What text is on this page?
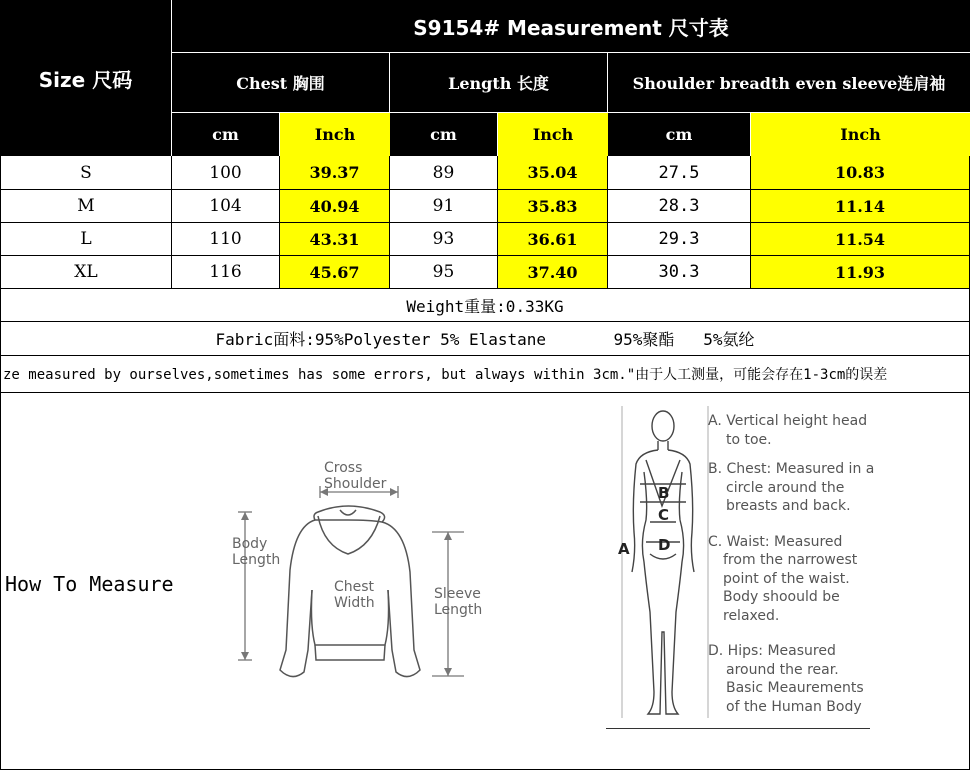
Size 尺码
S9154# Measurement 尺寸表
Chest 胸围	Length 长度	Shoulder breadth even sleeve连肩袖
cm	Inch	cm	Inch	cm	Inch
S	100	39.37	89	35.04	27.5	10.83
M	104	40.94	91	35.83	28.3	11.14
L	110	43.31	93	36.61	29.3	11.54
XL	116	45.67	95	37.40	30.3	11.93
Weight重量:0.33KG
Fabric面料:95%Polyester 5% Elastane       95%聚酯   5%氨纶
ze measured by ourselves,sometimes has some errors, but always within 3cm."由于人工测量，可能会存在1-3cm的误差
How To Measure
Cross
Shoulder
Body
Length
Chest
Width
Sleeve
Length
A
B
C
D
A. Vertical height head
to toe.
B. Chest: Measured in a
circle around the
breasts and back.
C. Waist: Measured
from the narrowest
point of the waist.
Body shoould be
relaxed.
D. Hips: Measured
around the rear.
Basic Meaurements
of the Human Body
